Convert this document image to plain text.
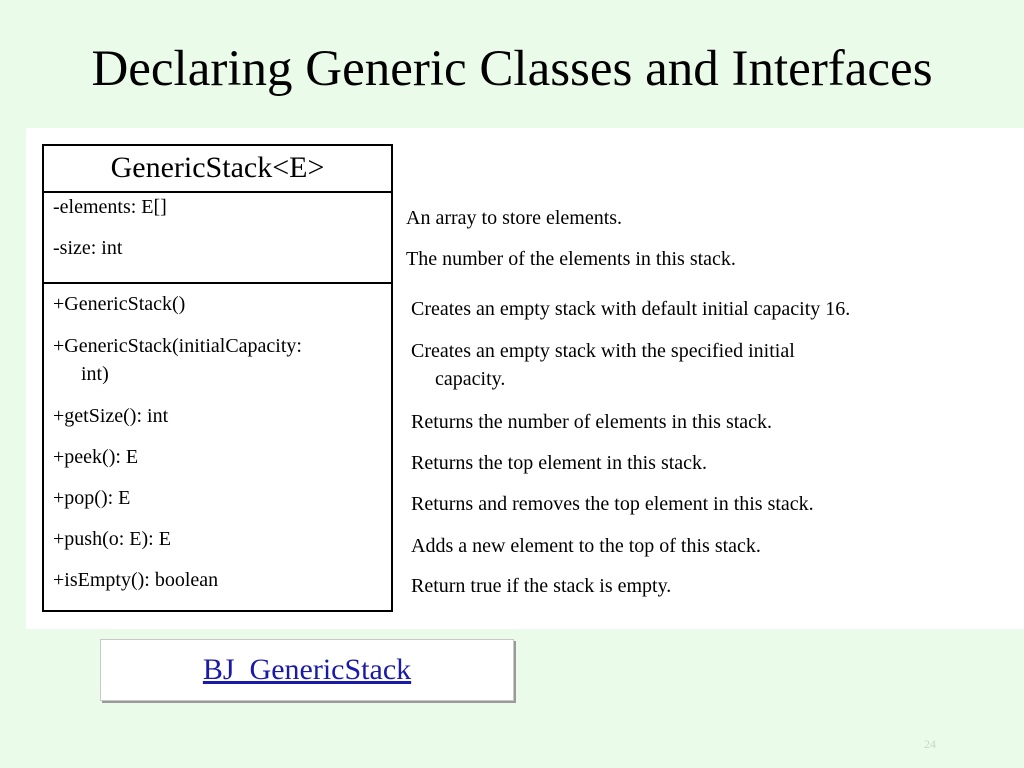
Declaring Generic Classes and Interfaces
GenericStack<E>
-elements: E[]
-size: int
+GenericStack()
+GenericStack(initialCapacity:
int)
+getSize(): int
+peek(): E
+pop(): E
+push(o: E): E
+isEmpty(): boolean
An array to store elements.
The number of the elements in this stack.
Creates an empty stack with default initial capacity 16.
Creates an empty stack with the specified initial
capacity.
Returns the number of elements in this stack.
Returns the top element in this stack.
Returns and removes the top element in this stack.
Adds a new element to the top of this stack.
Return true if the stack is empty.
BJ_GenericStack
24
